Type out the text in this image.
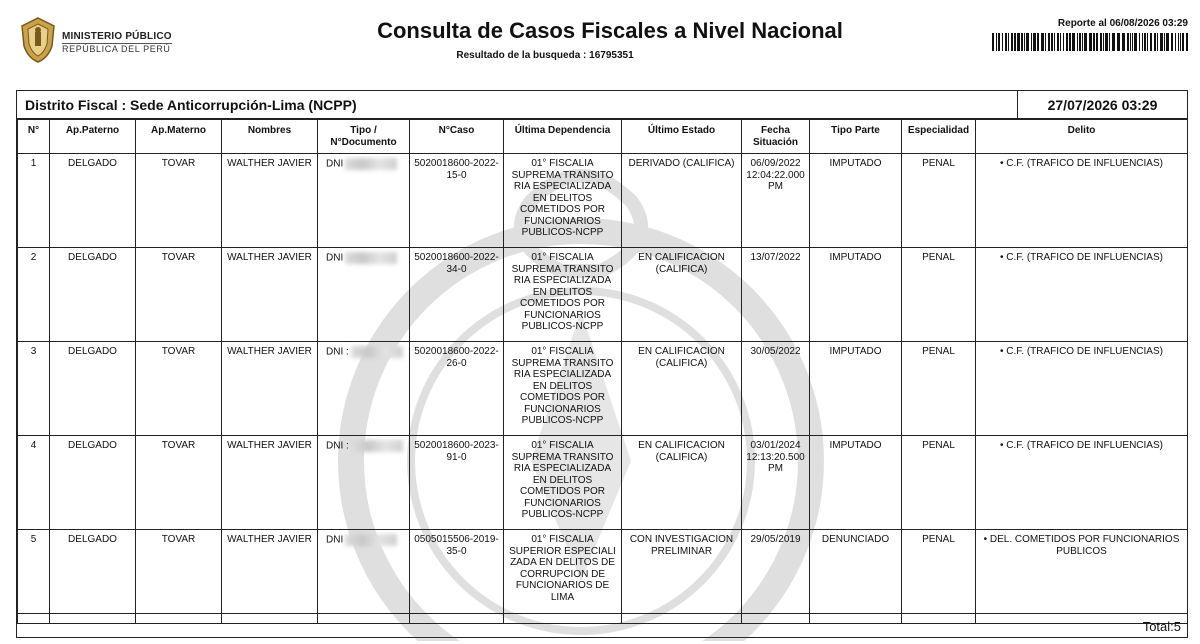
MINISTERIO PÚBLICO
REPÚBLICA DEL PERÚ
Consulta de Casos Fiscales a Nivel Nacional
Resultado de la busqueda : 16795351
Reporte al 06/08/2026 03:29
Distrito Fiscal : Sede Anticorrupción-Lima (NCPP)	27/07/2026 03:29
N°	Ap.Paterno	Ap.Materno	Nombres	Tipo / N°Documento	N°Caso	Última Dependencia	Último Estado	Fecha Situación	Tipo Parte	Especialidad	Delito
1	DELGADO	TOVAR	WALTHER JAVIER	DNI	5020018600-2022-15-0	01° FISCALIA SUPREMA TRANSITO RIA ESPECIALIZADA EN DELITOS COMETIDOS POR FUNCIONARIOS PUBLICOS-NCPP	DERIVADO (CALIFICA)	06/09/2022 12:04:22.000 PM	IMPUTADO	PENAL	• C.F. (TRAFICO DE INFLUENCIAS)
2	DELGADO	TOVAR	WALTHER JAVIER	DNI	5020018600-2022-34-0	01° FISCALIA SUPREMA TRANSITO RIA ESPECIALIZADA EN DELITOS COMETIDOS POR FUNCIONARIOS PUBLICOS-NCPP	EN CALIFICACION (CALIFICA)	13/07/2022	IMPUTADO	PENAL	• C.F. (TRAFICO DE INFLUENCIAS)
3	DELGADO	TOVAR	WALTHER JAVIER	DNI :	5020018600-2022-26-0	01° FISCALIA SUPREMA TRANSITO RIA ESPECIALIZADA EN DELITOS COMETIDOS POR FUNCIONARIOS PUBLICOS-NCPP	EN CALIFICACION (CALIFICA)	30/05/2022	IMPUTADO	PENAL	• C.F. (TRAFICO DE INFLUENCIAS)
4	DELGADO	TOVAR	WALTHER JAVIER	DNI :	5020018600-2023-91-0	01° FISCALIA SUPREMA TRANSITO RIA ESPECIALIZADA EN DELITOS COMETIDOS POR FUNCIONARIOS PUBLICOS-NCPP	EN CALIFICACION (CALIFICA)	03/01/2024 12:13:20.500 PM	IMPUTADO	PENAL	• C.F. (TRAFICO DE INFLUENCIAS)
5	DELGADO	TOVAR	WALTHER JAVIER	DNI	0505015506-2019-35-0	01° FISCALIA SUPERIOR ESPECIALI ZADA EN DELITOS DE CORRUPCION DE FUNCIONARIOS DE LIMA	CON INVESTIGACION PRELIMINAR	29/05/2019	DENUNCIADO	PENAL	• DEL. COMETIDOS POR FUNCIONARIOS PUBLICOS
Total:5
